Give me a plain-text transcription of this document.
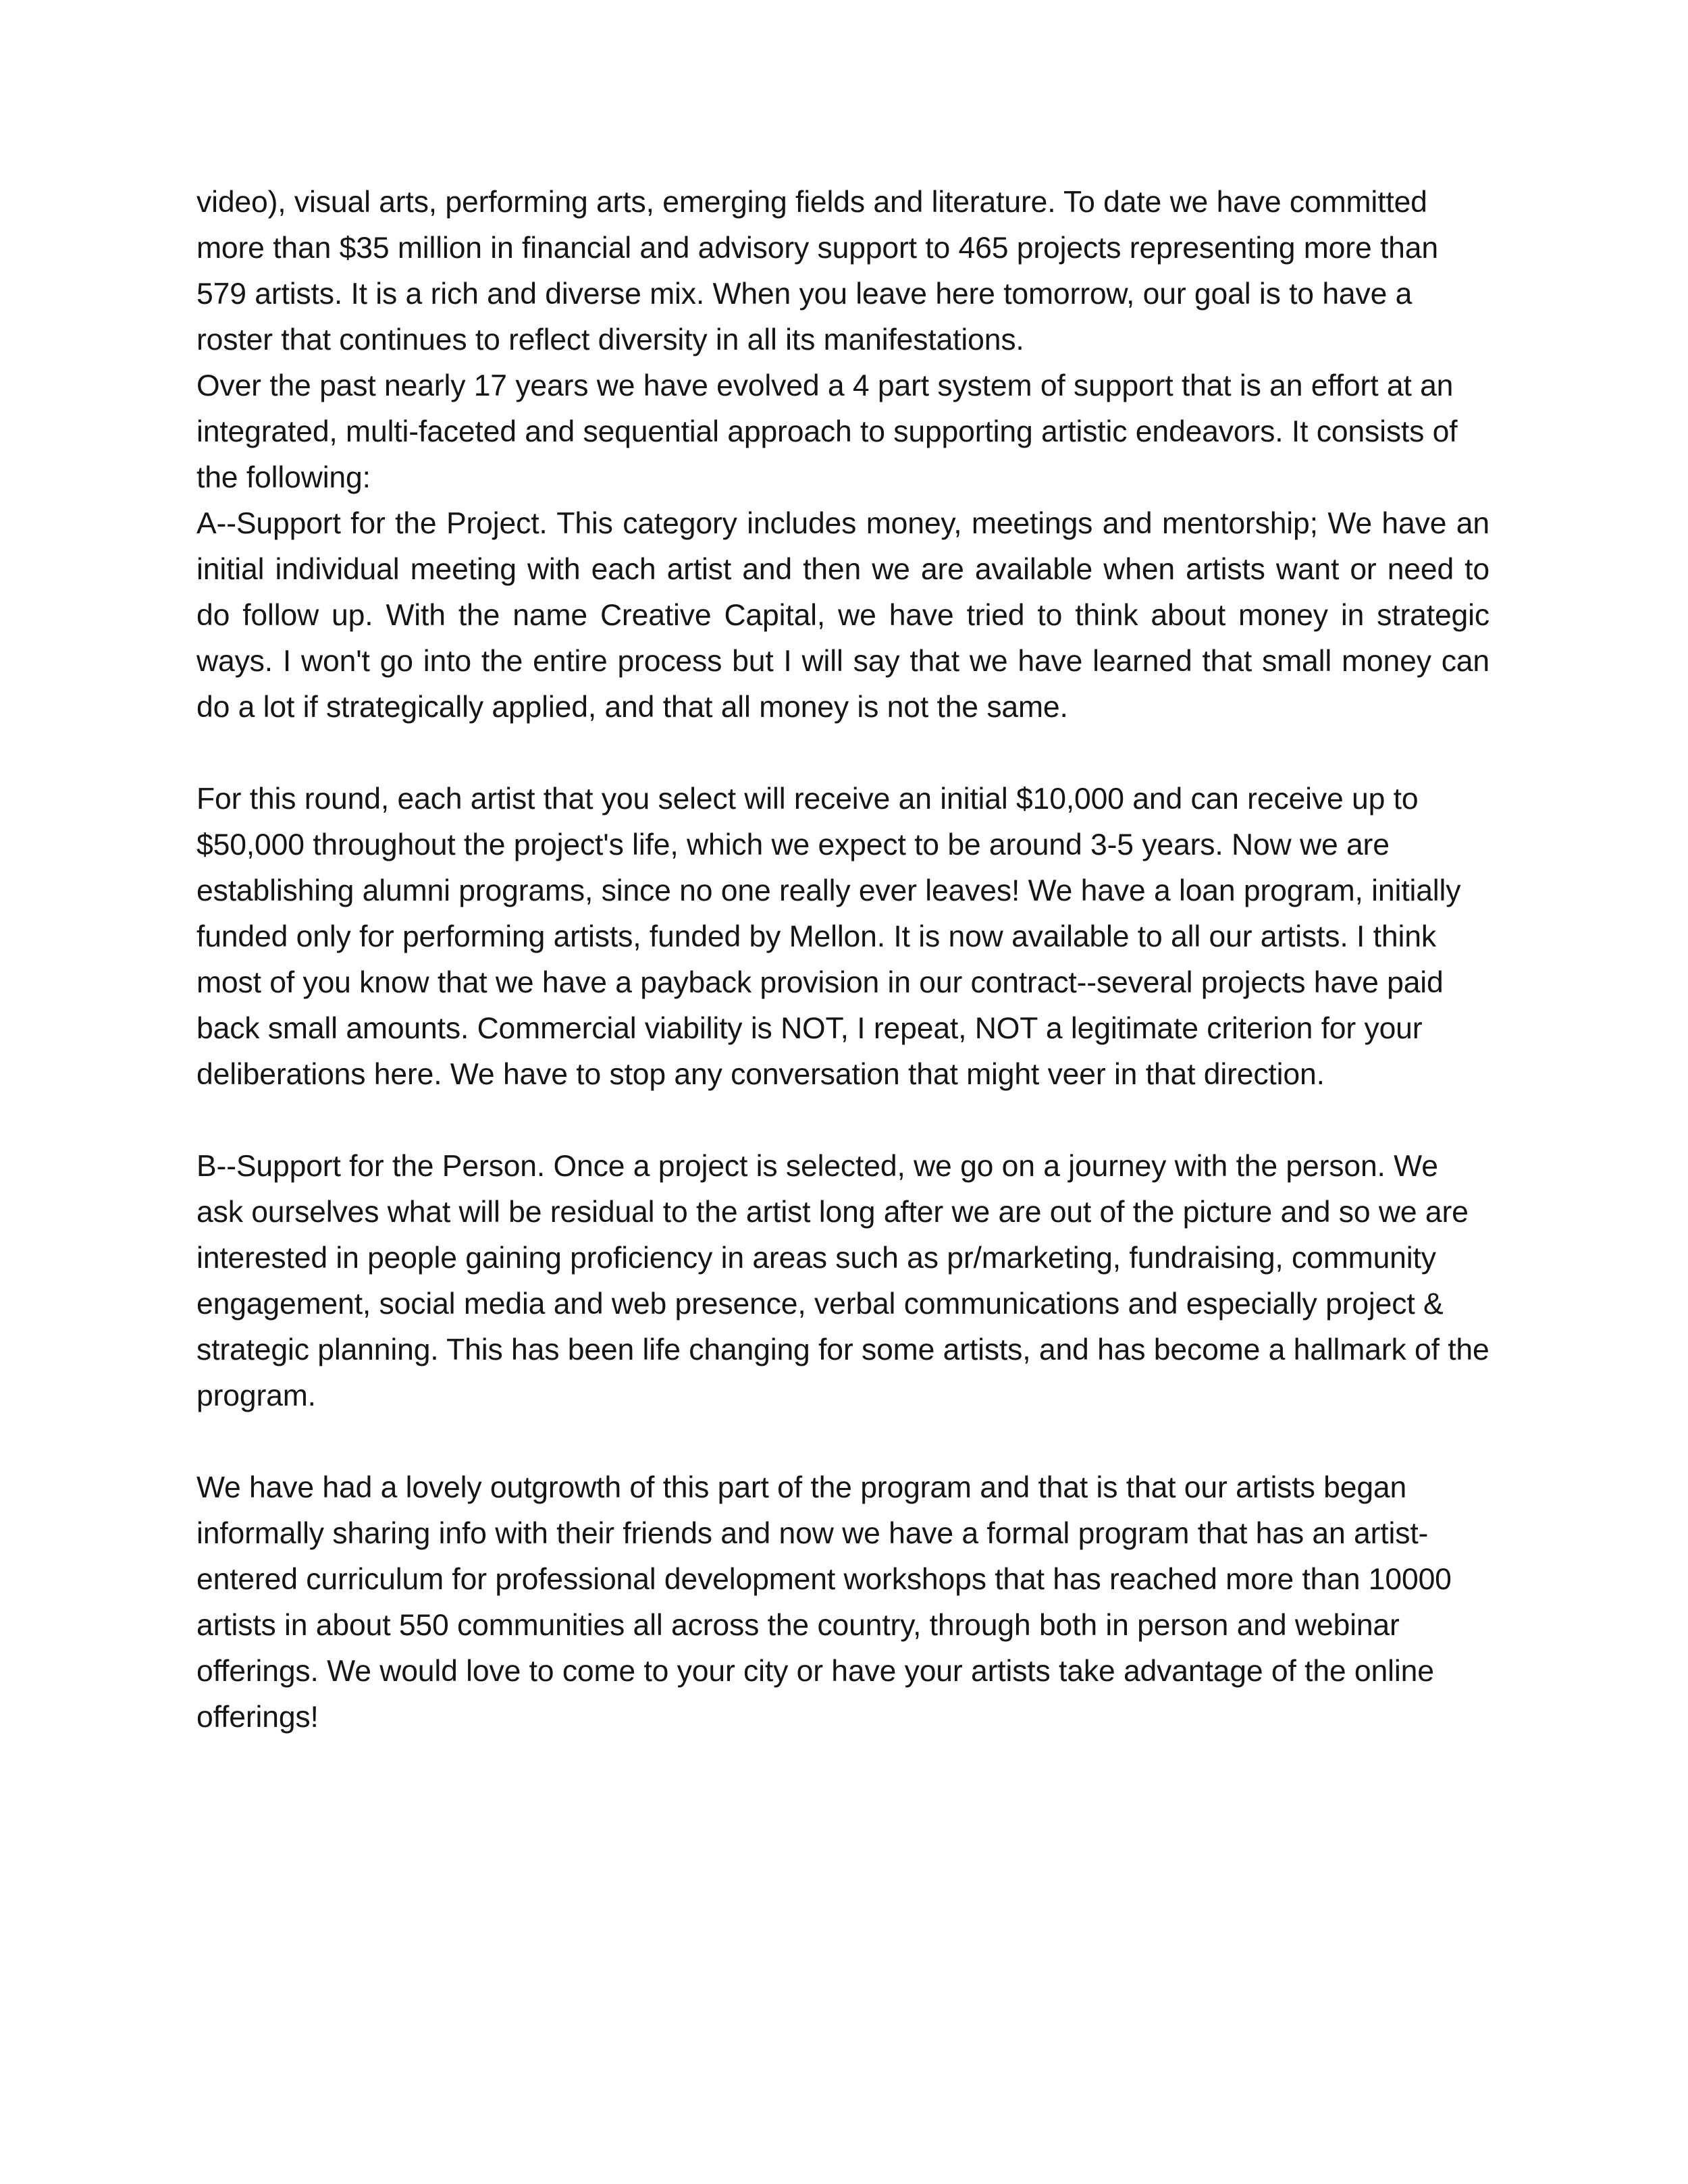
video), visual arts, performing arts, emerging fields and literature. To date we have committed more than $35 million in financial and advisory support to 465 projects representing more than 579 artists. It is a rich and diverse mix. When you leave here tomorrow, our goal is to have a roster that continues to reflect diversity in all its manifestations.

Over the past nearly 17 years we have evolved a 4 part system of support that is an effort at an integrated, multi-faceted and sequential approach to supporting artistic endeavors. It consists of the following:

A--Support for the Project. This category includes money, meetings and mentorship; We have an initial individual meeting with each artist and then we are available when artists want or need to do follow up. With the name Creative Capital, we have tried to think about money in strategic ways. I won't go into the entire process but I will say that we have learned that small money can do a lot if strategically applied, and that all money is not the same.

For this round, each artist that you select will receive an initial $10,000 and can receive up to $50,000 throughout the project's life, which we expect to be around 3-5 years. Now we are establishing alumni programs, since no one really ever leaves! We have a loan program, initially funded only for performing artists, funded by Mellon. It is now available to all our artists. I think most of you know that we have a payback provision in our contract--several projects have paid back small amounts. Commercial viability is NOT, I repeat, NOT a legitimate criterion for your deliberations here. We have to stop any conversation that might veer in that direction.

B--Support for the Person. Once a project is selected, we go on a journey with the person. We ask ourselves what will be residual to the artist long after we are out of the picture and so we are interested in people gaining proficiency in areas such as pr/marketing, fundraising, community engagement, social media and web presence, verbal communications and especially project & strategic planning. This has been life changing for some artists, and has become a hallmark of the program.

We have had a lovely outgrowth of this part of the program and that is that our artists began informally sharing info with their friends and now we have a formal program that has an artist-entered curriculum for professional development workshops that has reached more than 10000 artists in about 550 communities all across the country, through both in person and webinar offerings. We would love to come to your city or have your artists take advantage of the online offerings!
